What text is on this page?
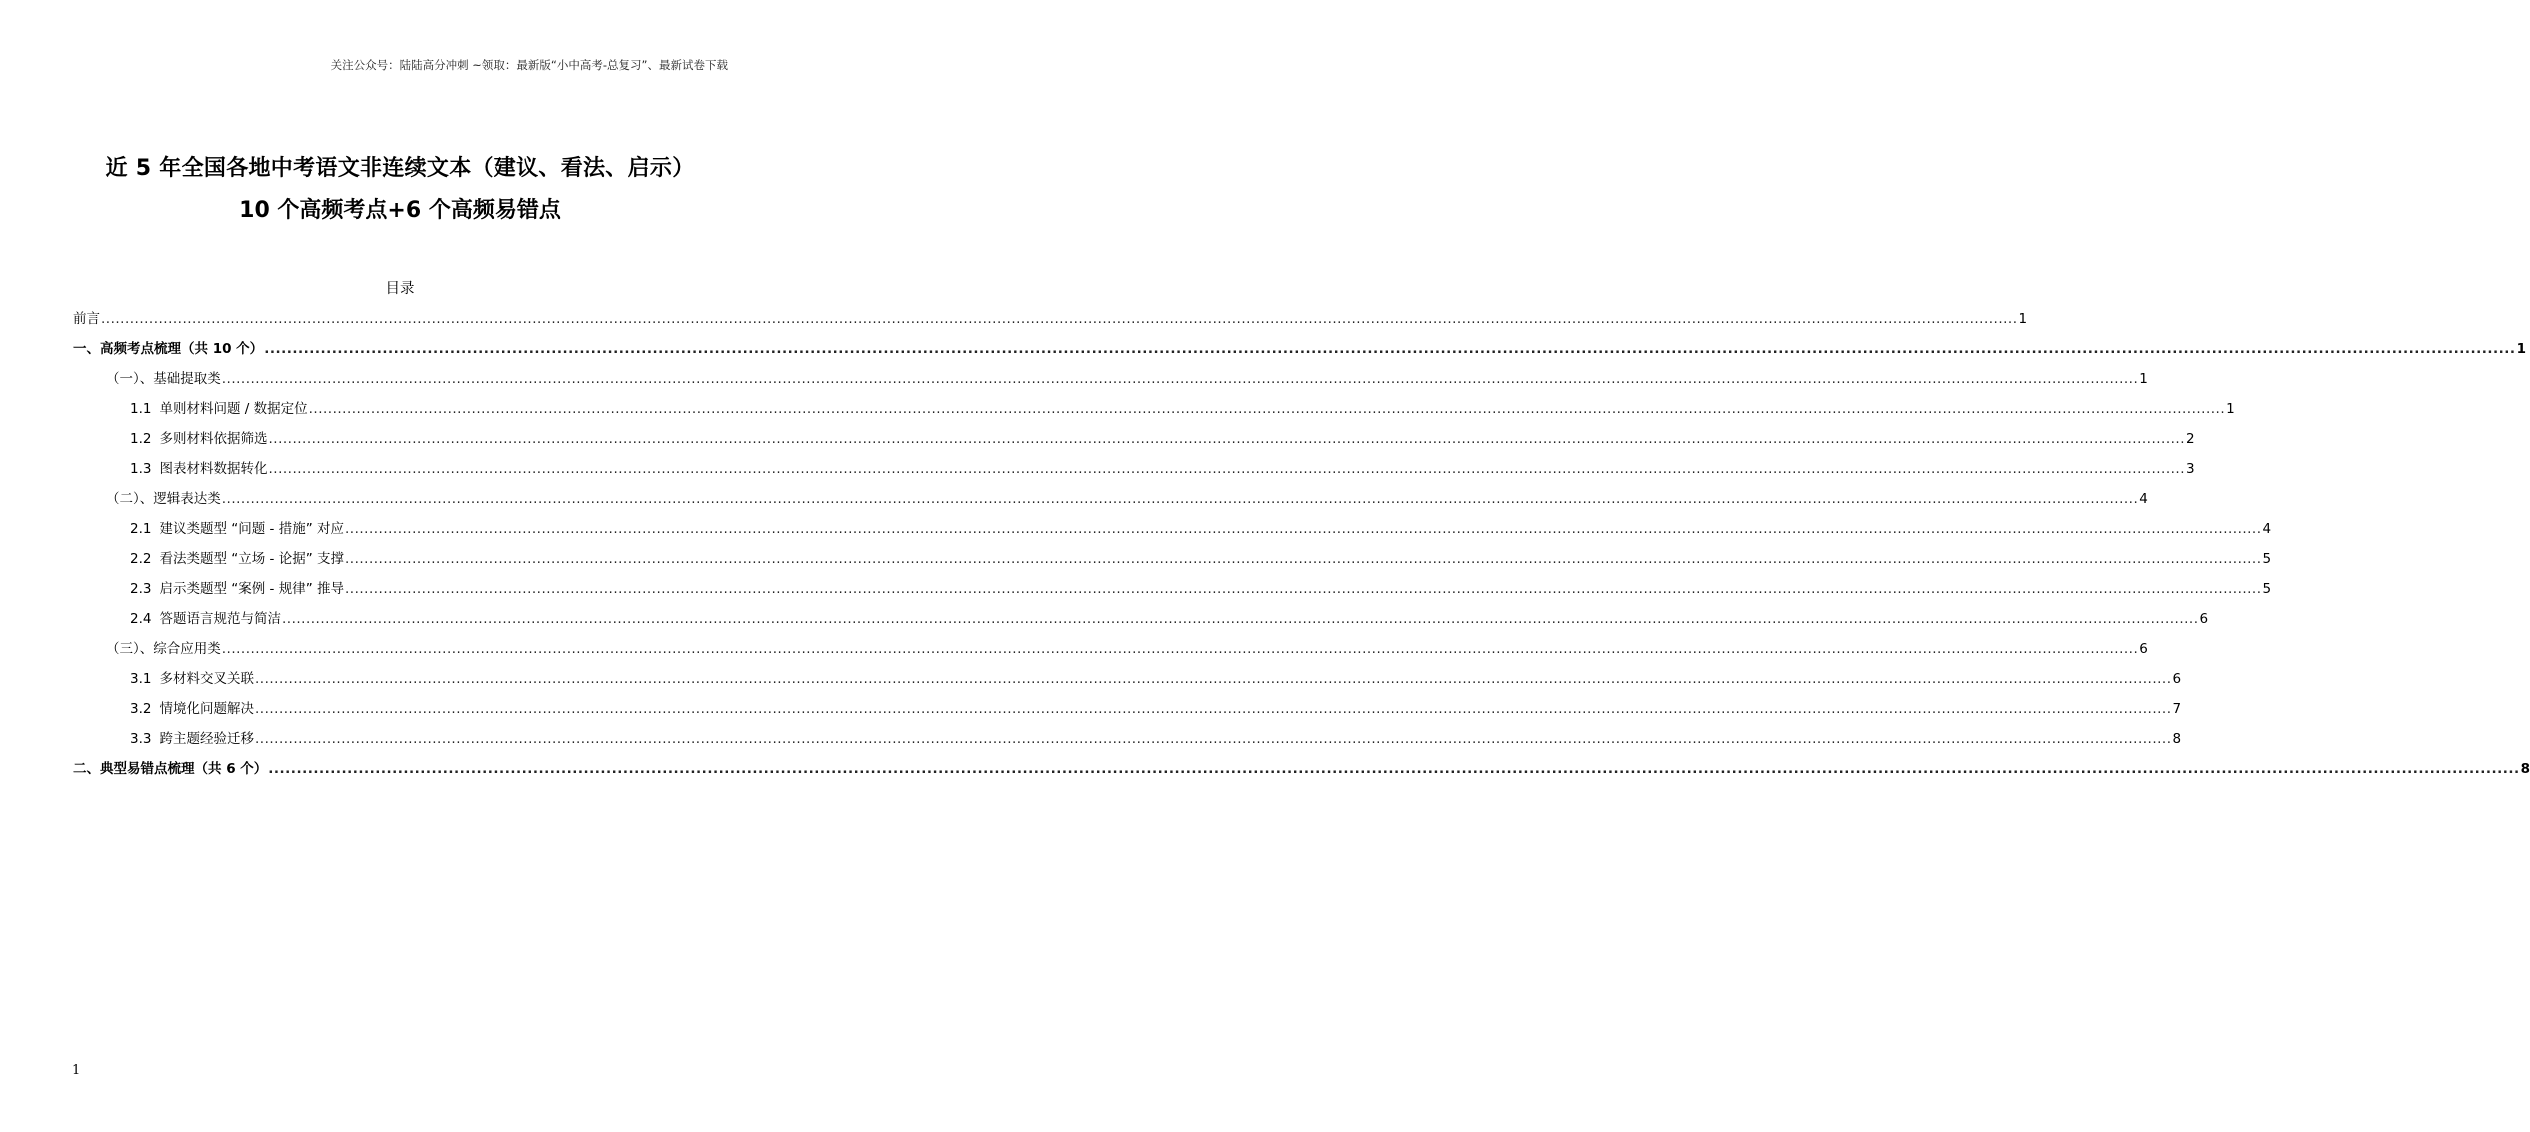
关注公众号：陆陆高分冲刺 ~领取：最新版“小中高考-总复习”、最新试卷下载
近 5 年全国各地中考语文非连续文本（建议、看法、启示）
10 个高频考点+6 个高频易错点
目录
前言 ................................................................................................................................................................................................................................................................................................................................................................................................................ 1
一、高频考点梳理（共 10 个） ................................................................................................................................................................................................................................................................................................................................................................................................................ 1
（一）、基础提取类 ................................................................................................................................................................................................................................................................................................................................................................................................................ 1
1.1 单则材料问题 / 数据定位 ................................................................................................................................................................................................................................................................................................................................................................................................................ 1
1.2 多则材料依据筛选 ................................................................................................................................................................................................................................................................................................................................................................................................................ 2
1.3 图表材料数据转化 ................................................................................................................................................................................................................................................................................................................................................................................................................ 3
（二）、逻辑表达类 ................................................................................................................................................................................................................................................................................................................................................................................................................ 4
2.1 建议类题型 “问题 - 措施” 对应 ................................................................................................................................................................................................................................................................................................................................................................................................................ 4
2.2 看法类题型 “立场 - 论据” 支撑 ................................................................................................................................................................................................................................................................................................................................................................................................................ 5
2.3 启示类题型 “案例 - 规律” 推导 ................................................................................................................................................................................................................................................................................................................................................................................................................ 5
2.4 答题语言规范与简洁 ................................................................................................................................................................................................................................................................................................................................................................................................................ 6
（三）、综合应用类 ................................................................................................................................................................................................................................................................................................................................................................................................................ 6
3.1 多材料交叉关联 ................................................................................................................................................................................................................................................................................................................................................................................................................ 6
3.2 情境化问题解决 ................................................................................................................................................................................................................................................................................................................................................................................................................ 7
3.3 跨主题经验迁移 ................................................................................................................................................................................................................................................................................................................................................................................................................ 8
二、典型易错点梳理（共 6 个） ................................................................................................................................................................................................................................................................................................................................................................................................................ 8
1
